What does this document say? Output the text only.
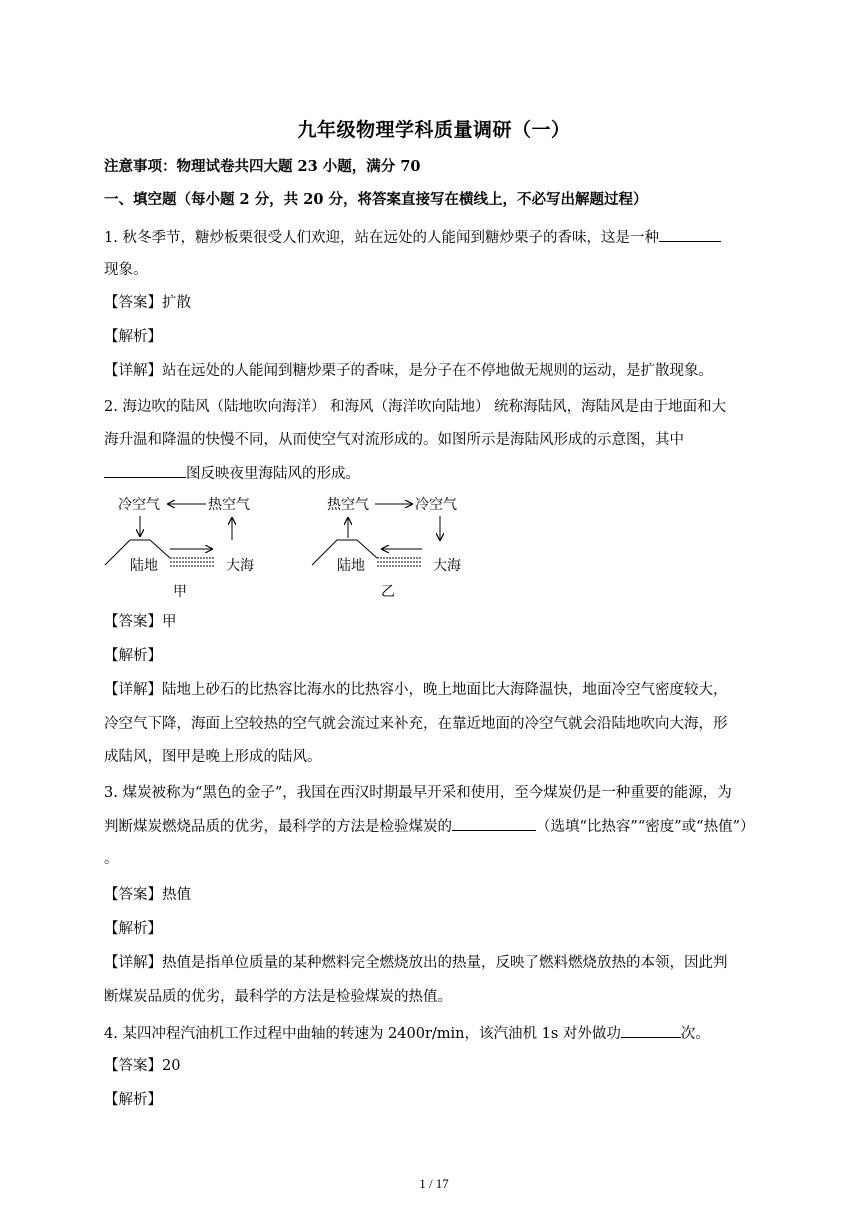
九年级物理学科质量调研（一）
注意事项：物理试卷共四大题 23 小题，满分 70
一、填空题（每小题 2 分，共 20 分，将答案直接写在横线上，不必写出解题过程）
1. 秋冬季节，糖炒板栗很受人们欢迎，站在远处的人能闻到糖炒栗子的香味，这是一种
现象。
【答案】扩散
【解析】
【详解】站在远处的人能闻到糖炒栗子的香味，是分子在不停地做无规则的运动，是扩散现象。
2. 海边吹的陆风（陆地吹向海洋） 和海风（海洋吹向陆地） 统称海陆风，海陆风是由于地面和大
海升温和降温的快慢不同，从而使空气对流形成的。如图所示是海陆风形成的示意图，其中
图反映夜里海陆风的形成。
冷空气	热空气
陆地	大海
甲
热空气	冷空气
陆地	大海
乙
【答案】甲
【解析】
【详解】陆地上砂石的比热容比海水的比热容小，晚上地面比大海降温快，地面冷空气密度较大，
冷空气下降，海面上空较热的空气就会流过来补充，在靠近地面的冷空气就会沿陆地吹向大海，形
成陆风，图甲是晚上形成的陆风。
3. 煤炭被称为“黑色的金子”，我国在西汉时期最早开采和使用，至今煤炭仍是一种重要的能源，为
判断煤炭燃烧品质的优劣，最科学的方法是检验煤炭的	（选填“比热容”“密度”或“热值”）
。
【答案】热值
【解析】
【详解】热值是指单位质量的某种燃料完全燃烧放出的热量，反映了燃料燃烧放热的本领，因此判
断煤炭品质的优劣，最科学的方法是检验煤炭的热值。
4. 某四冲程汽油机工作过程中曲轴的转速为 2400r/min，该汽油机 1s 对外做功	次。
【答案】20
【解析】
1 / 17
